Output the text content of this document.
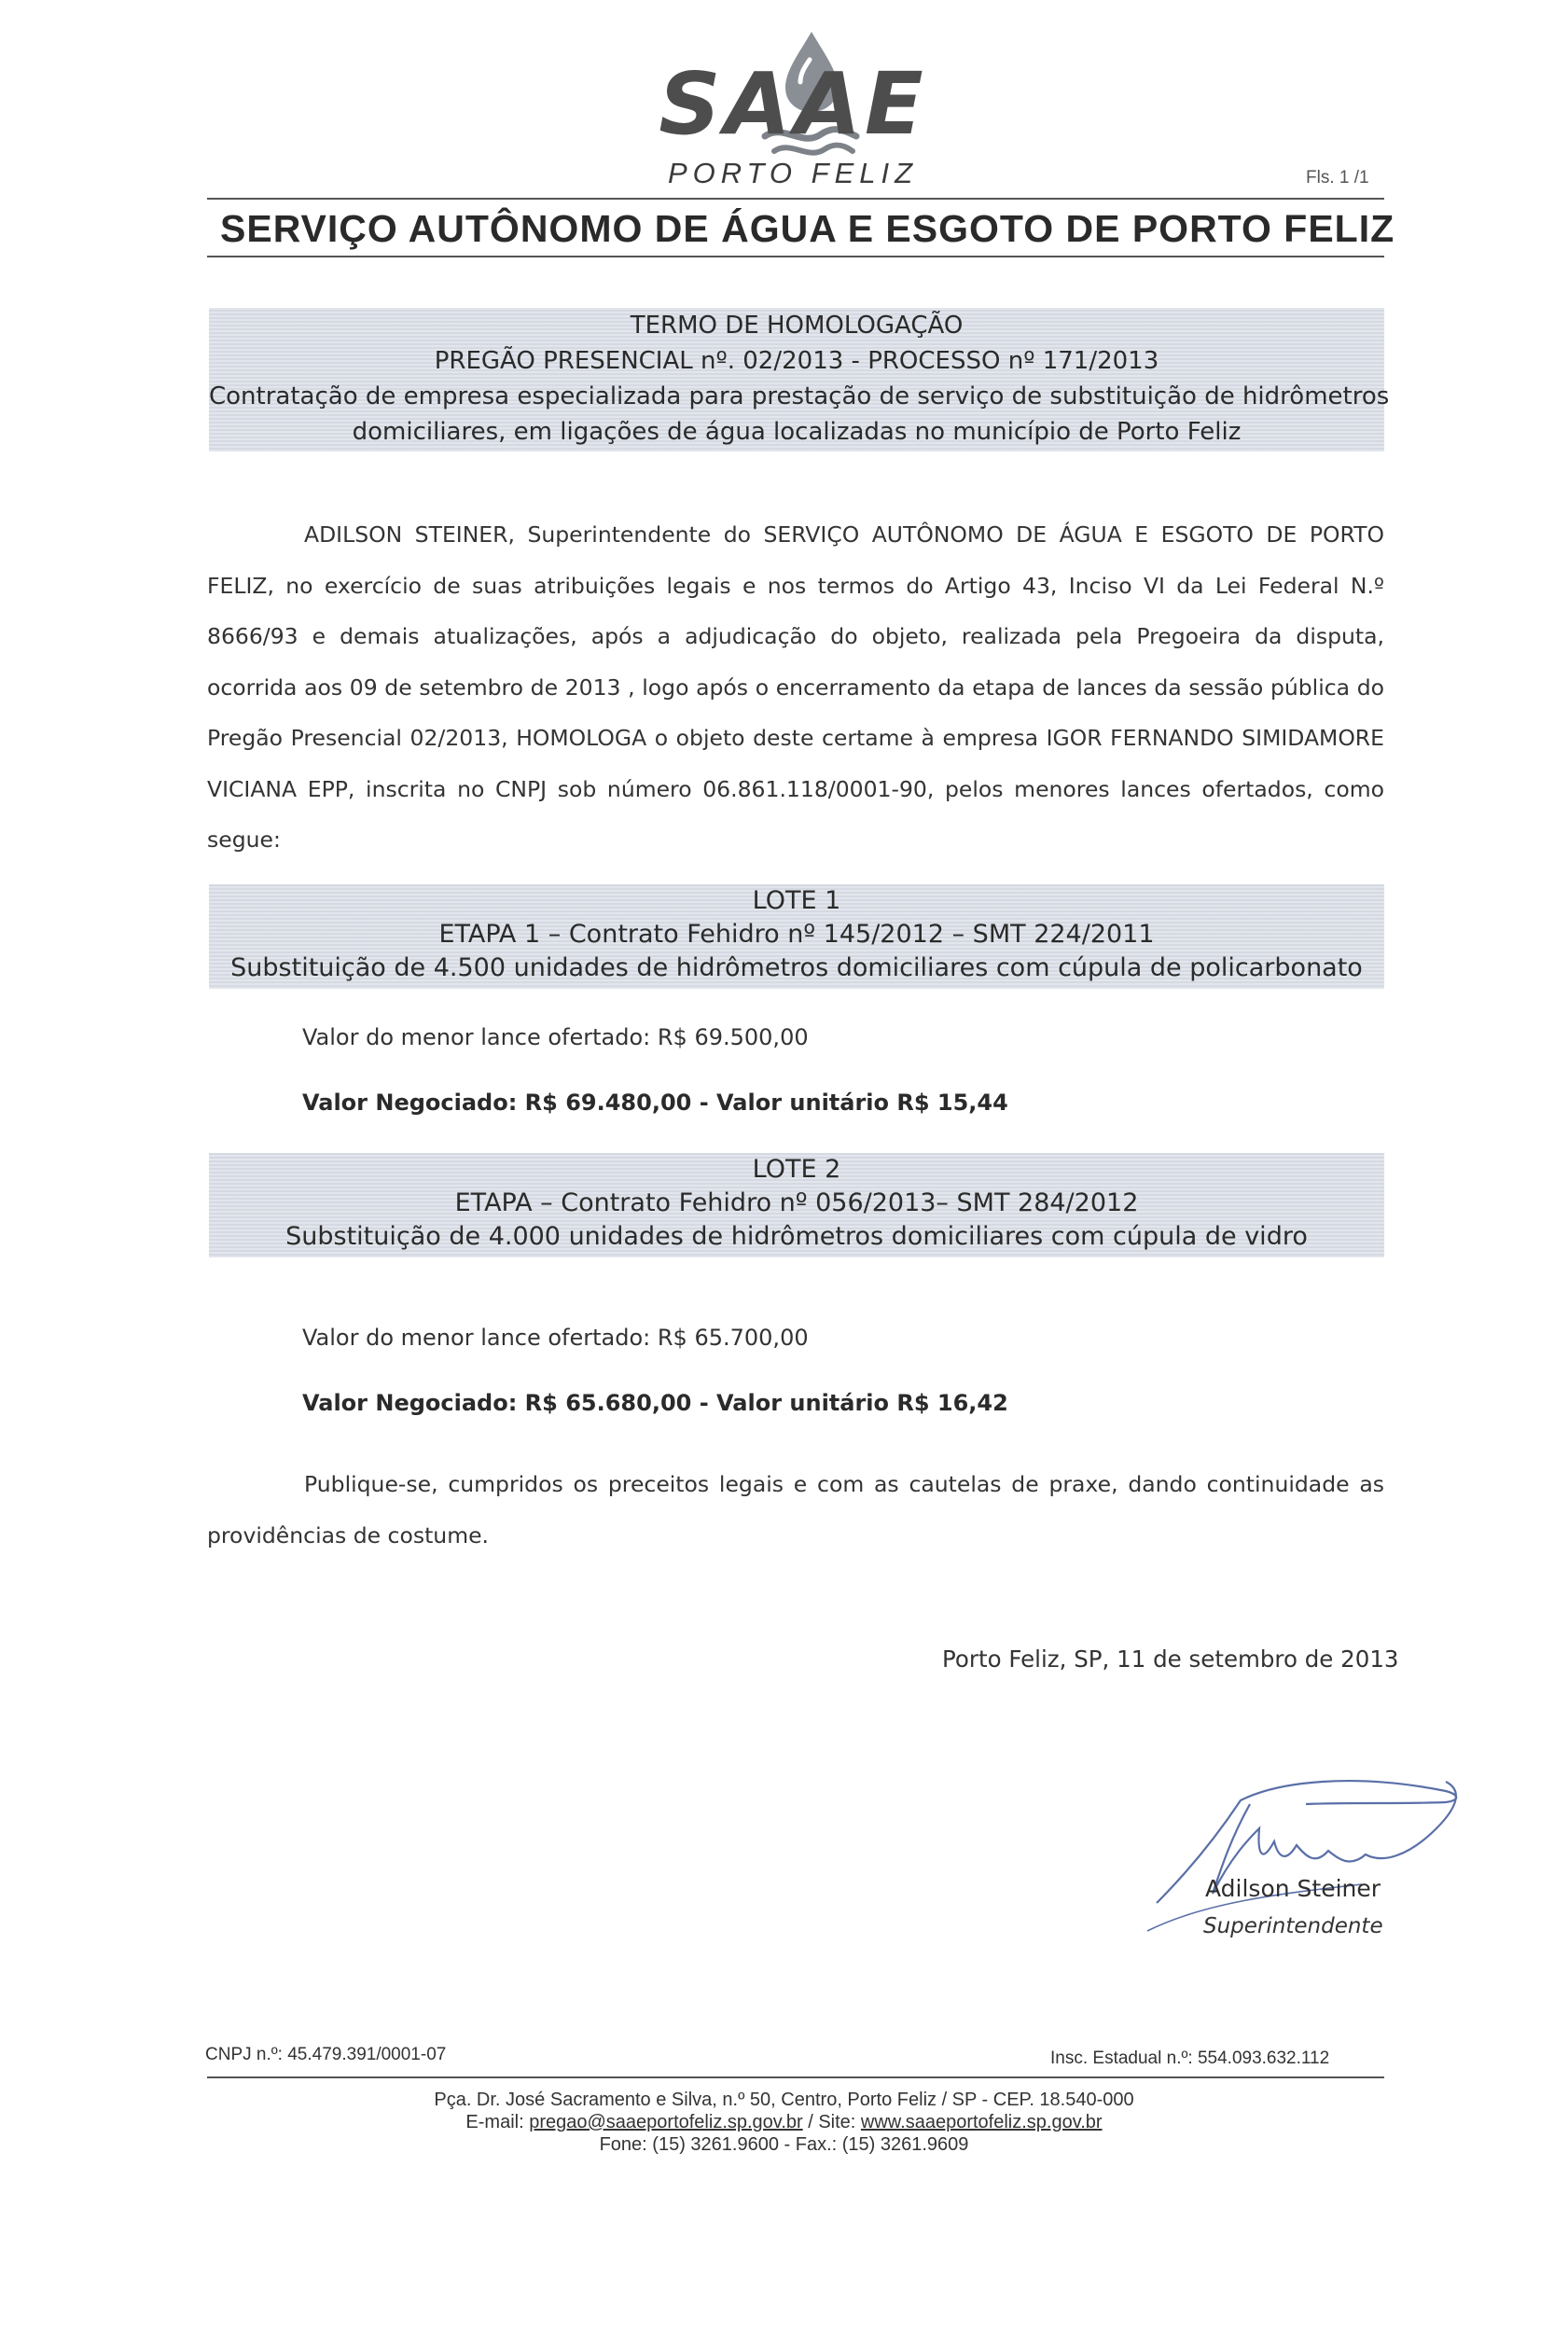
SAAE
PORTO FELIZ	Fls. 1 /1
SERVIÇO AUTÔNOMO DE ÁGUA E ESGOTO DE PORTO FELIZ
TERMO DE HOMOLOGAÇÃO
PREGÃO PRESENCIAL nº. 02/2013 - PROCESSO nº 171/2013
Contratação de empresa especializada para prestação de serviço de substituição de hidrômetros
domiciliares, em ligações de água localizadas no município de Porto Feliz

ADILSON STEINER, Superintendente do SERVIÇO AUTÔNOMO DE ÁGUA E ESGOTO DE PORTO FELIZ, no exercício de suas atribuições legais e nos termos do Artigo 43, Inciso VI da Lei Federal N.º 8666/93 e demais atualizações, após a adjudicação do objeto, realizada pela Pregoeira da disputa, ocorrida aos 09 de setembro de 2013 , logo após o encerramento da etapa de lances da sessão pública do Pregão Presencial 02/2013, HOMOLOGA o objeto deste certame à empresa IGOR FERNANDO SIMIDAMORE VICIANA EPP, inscrita no CNPJ sob número 06.861.118/0001-90, pelos menores lances ofertados, como segue:

LOTE 1
ETAPA 1 – Contrato Fehidro nº 145/2012 – SMT 224/2011
Substituição de 4.500 unidades de hidrômetros domiciliares com cúpula de policarbonato
Valor do menor lance ofertado: R$ 69.500,00
Valor Negociado: R$ 69.480,00 - Valor unitário R$ 15,44
LOTE 2
ETAPA – Contrato Fehidro nº 056/2013– SMT 284/2012
Substituição de 4.000 unidades de hidrômetros domiciliares com cúpula de vidro
Valor do menor lance ofertado: R$ 65.700,00
Valor Negociado: R$ 65.680,00 - Valor unitário R$ 16,42

Publique-se, cumpridos os preceitos legais e com as cautelas de praxe, dando continuidade as providências de costume.

Porto Feliz, SP, 11 de setembro de 2013
Adilson Steiner
Superintendente
CNPJ n.º: 45.479.391/0001-07	Insc. Estadual n.º: 554.093.632.112
Pça. Dr. José Sacramento e Silva, n.º 50, Centro, Porto Feliz / SP - CEP. 18.540-000
E-mail: pregao@saaeportofeliz.sp.gov.br / Site: www.saaeportofeliz.sp.gov.br
Fone: (15) 3261.9600 - Fax.: (15) 3261.9609
